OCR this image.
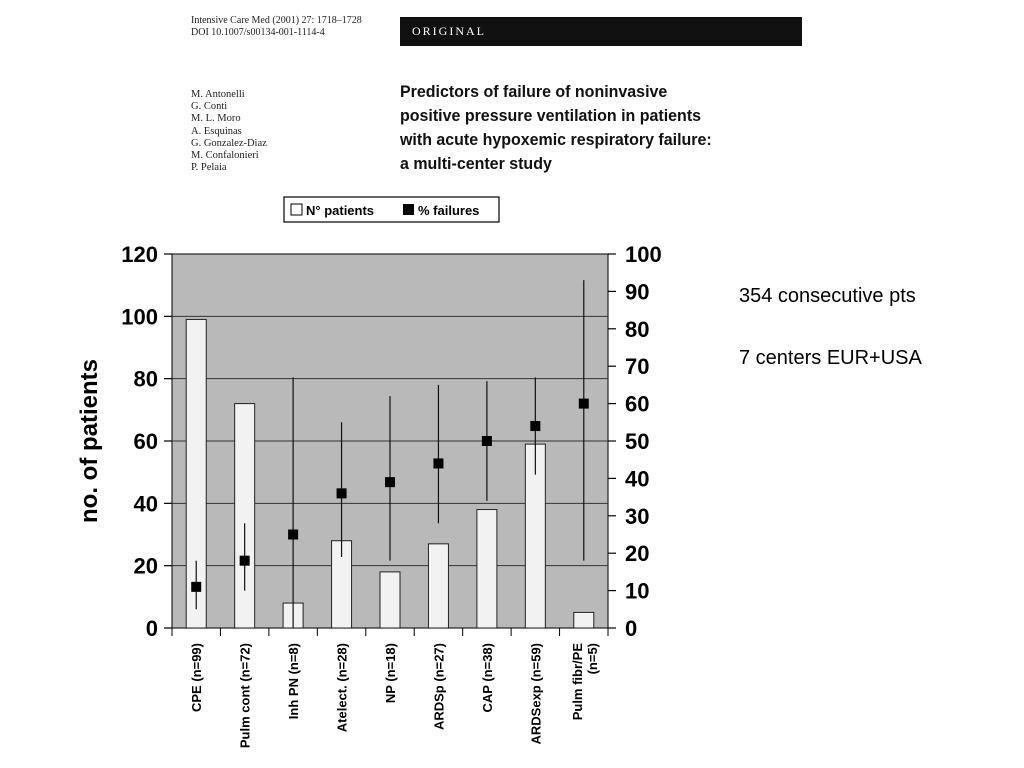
Intensive Care Med (2001) 27: 1718–1728
DOI 10.1007/s00134-001-1114-4	ORIGINAL
M. Antonelli
G. Conti
M. L. Moro
A. Esquinas
G. Gonzalez-Diaz
M. Confalonieri
P. Pelaia
Predictors of failure of noninvasive
positive pressure ventilation in patients
with acute hypoxemic respiratory failure:
a multi-center study
354 consecutive pts
7 centers EUR+USA
0
20
40
60
80
100
120
0
10
20
30
40
50
60
70
80
90
100
no. of patients
CPE (n=99)	Pulm cont (n=72)	Inh PN (n=8)	Atelect. (n=28)	NP (n=18)	ARDSp (n=27)	CAP (n=38)	ARDSexp (n=59) Pulm fibr/PE(n=5)
N° patients	% failures
